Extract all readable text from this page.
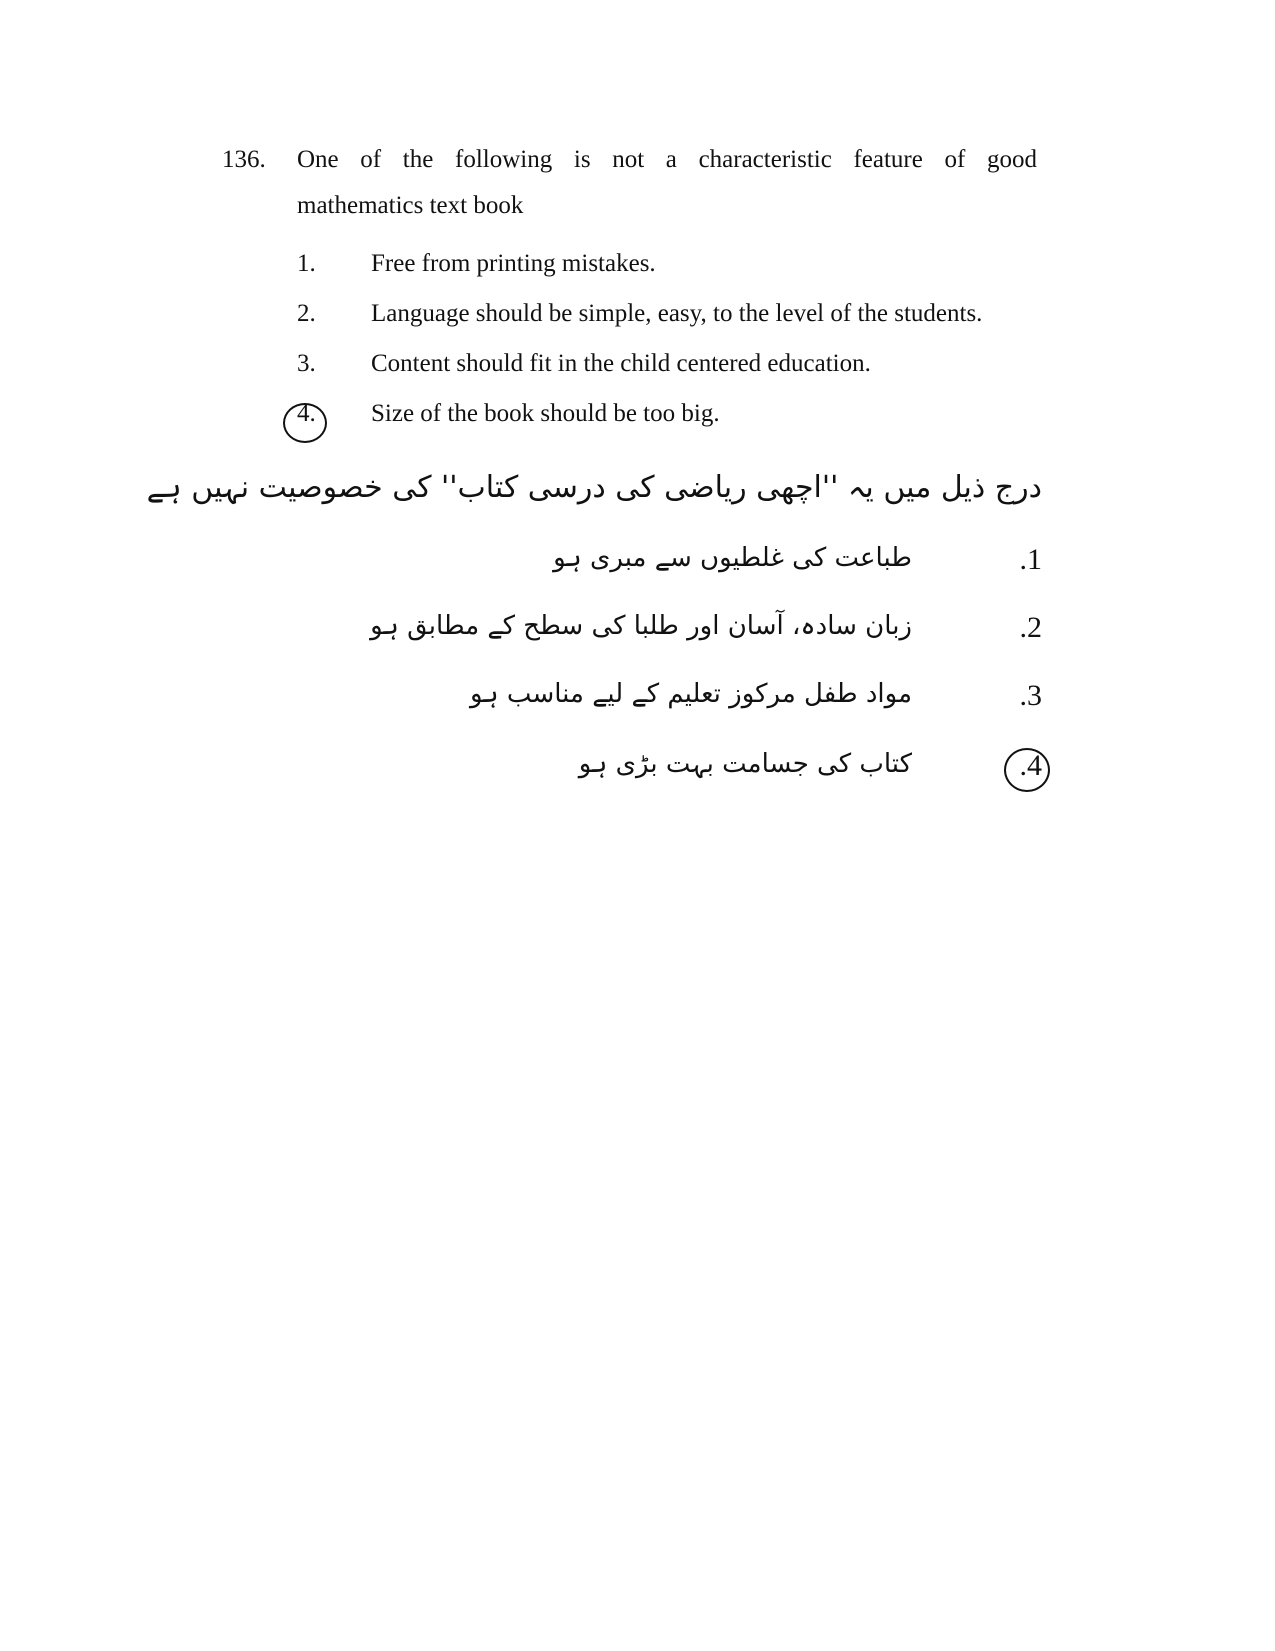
136. One of the following is not a characteristic feature of good
mathematics text book
1. Free from printing mistakes.
2. Language should be simple, easy, to the level of the students.
3. Content should fit in the child centered education.
4. Size of the book should be too big.
درج ذیل میں یہ ''اچھی ریاضی کی درسی کتاب'' کی خصوصیت نہیں ہے
.1
طباعت کی غلطیوں سے مبری ہو
.2
زبان سادہ، آسان اور طلبا کی سطح کے مطابق ہو
.3
مواد طفل مرکوز تعلیم کے لیے مناسب ہو
.4
کتاب کی جسامت بہت بڑی ہو
